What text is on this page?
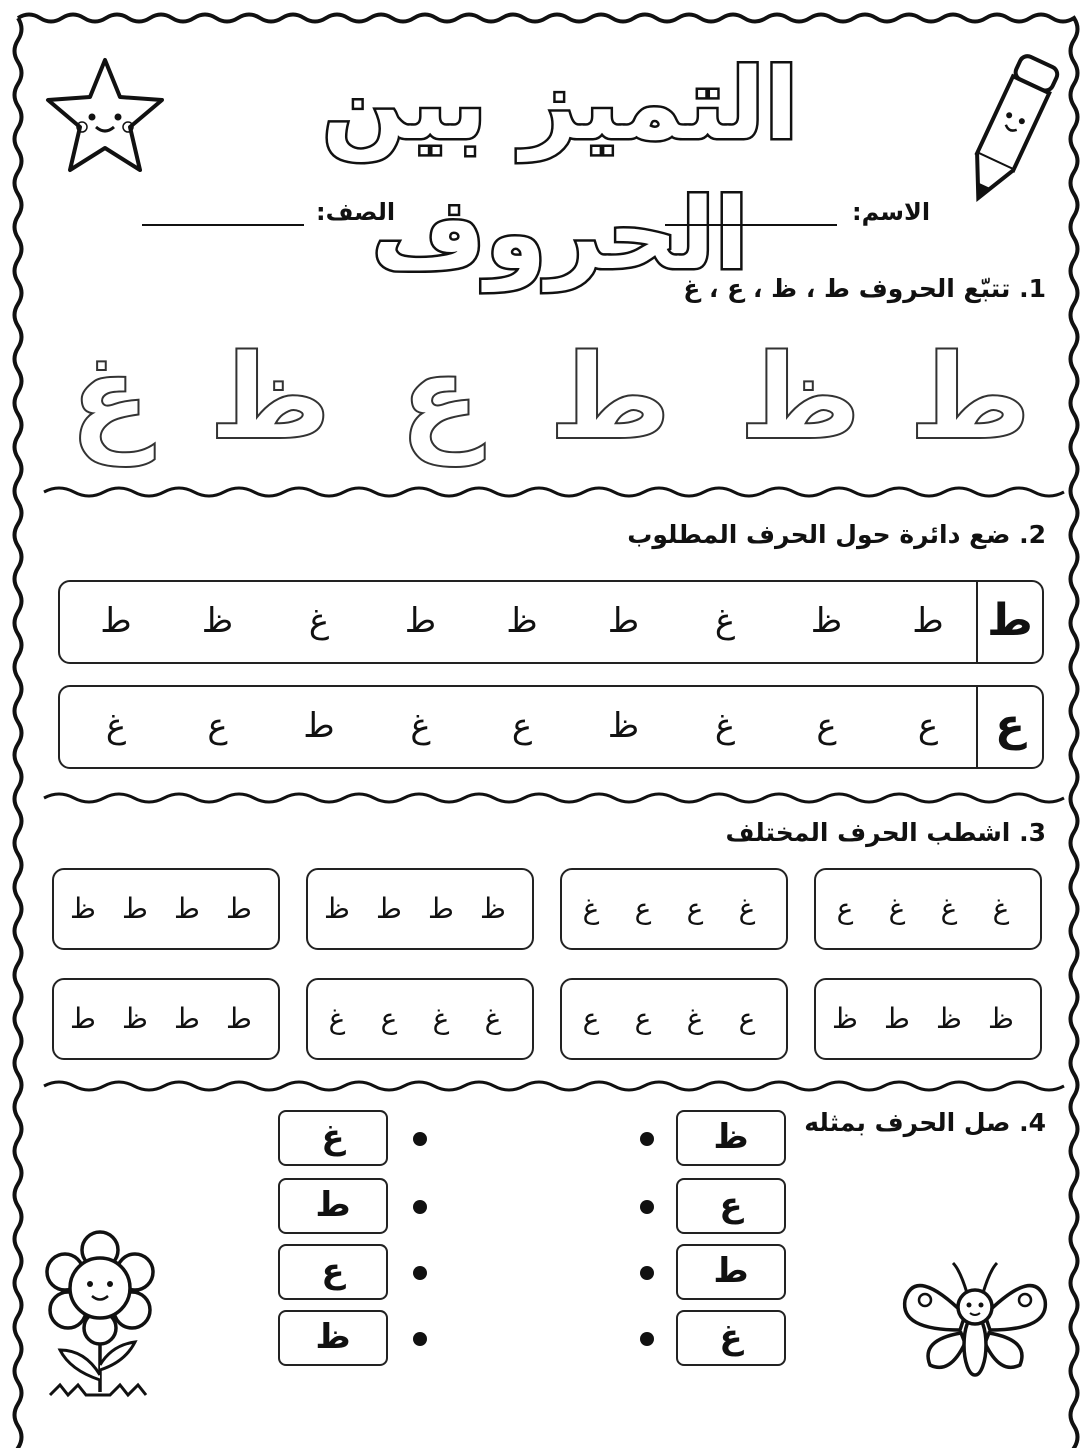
التميز بين الحروف	الاسم:
الصف:
1. تتبّع الحروف ط ، ظ ، ع ، غ
ط
ظ
ط
ع
ظ
غ
2. ضع دائرة حول الحرف المطلوب
ط
ط
ظ
غ
ط
ظ
ط
غ
ظ
ط
ع
ع
ع
غ
ظ
ع
غ
ط
ع
غ
3. اشطب الحرف المختلف
غ
غ
غ
ع
غ
ع
ع
غ
ظ
ط
ط
ظ
ط
ط
ط
ظ
ظ
ظ
ط
ظ
ع
غ
ع
ع
غ
غ
ع
غ
ط
ط
ظ
ط
4. صل الحرف بمثله
ظ
ع
ط
غ
غ
ط
ع
ظ
